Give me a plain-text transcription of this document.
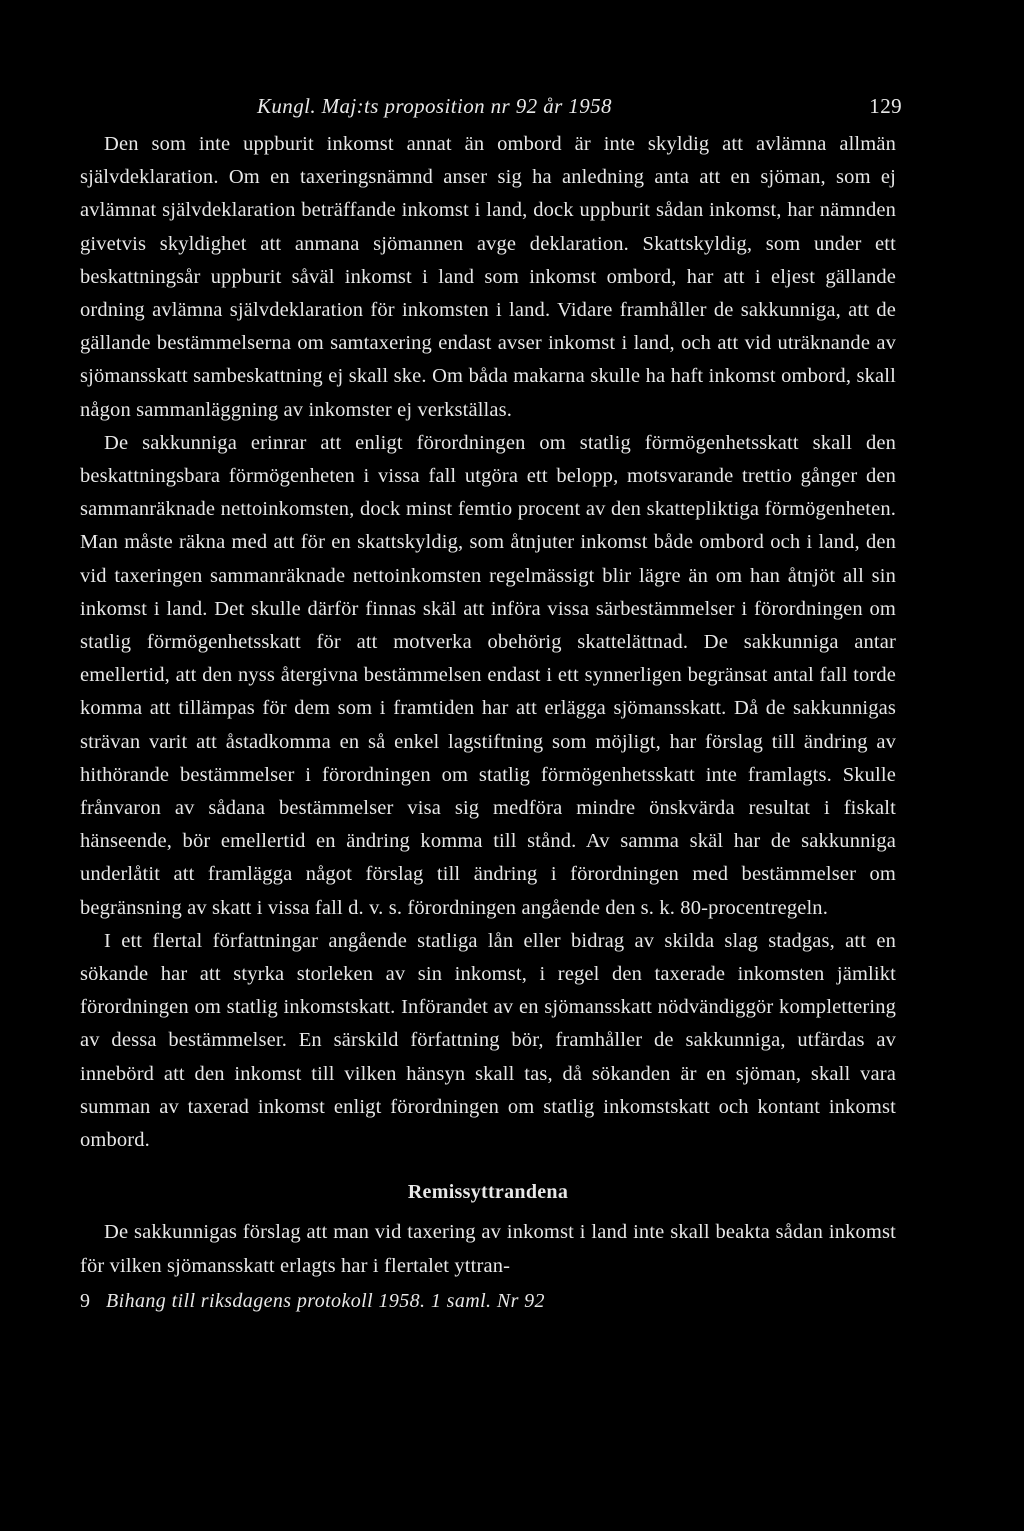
Kungl. Maj:ts proposition nr 92 år 1958	129

Den som inte uppburit inkomst annat än ombord är inte skyldig att avlämna allmän självdeklaration. Om en taxeringsnämnd anser sig ha anledning anta att en sjöman, som ej avlämnat självdeklaration beträffande inkomst i land, dock uppburit sådan inkomst, har nämnden givetvis skyldighet att anmana sjömannen avge deklaration. Skattskyldig, som under ett beskattningsår uppburit såväl inkomst i land som inkomst ombord, har att i eljest gällande ordning avlämna självdeklaration för inkomsten i land. Vidare framhåller de sakkunniga, att de gällande bestämmelserna om samtaxering endast avser inkomst i land, och att vid uträknande av sjömansskatt sambeskattning ej skall ske. Om båda makarna skulle ha haft inkomst ombord, skall någon sammanläggning av inkomster ej verkställas.

De sakkunniga erinrar att enligt förordningen om statlig förmögenhetsskatt skall den beskattningsbara förmögenheten i vissa fall utgöra ett belopp, motsvarande trettio gånger den sammanräknade nettoinkomsten, dock minst femtio procent av den skattepliktiga förmögenheten. Man måste räkna med att för en skattskyldig, som åtnjuter inkomst både ombord och i land, den vid taxeringen sammanräknade nettoinkomsten regelmässigt blir lägre än om han åtnjöt all sin inkomst i land. Det skulle därför finnas skäl att införa vissa särbestämmelser i förordningen om statlig förmögenhetsskatt för att motverka obehörig skattelättnad. De sakkunniga antar emellertid, att den nyss återgivna bestämmelsen endast i ett synnerligen begränsat antal fall torde komma att tillämpas för dem som i framtiden har att erlägga sjömansskatt. Då de sakkunnigas strävan varit att åstadkomma en så enkel lagstiftning som möjligt, har förslag till ändring av hithörande bestämmelser i förordningen om statlig förmögenhetsskatt inte framlagts. Skulle frånvaron av sådana bestämmelser visa sig medföra mindre önskvärda resultat i fiskalt hänseende, bör emellertid en ändring komma till stånd. Av samma skäl har de sakkunniga underlåtit att framlägga något förslag till ändring i förordningen med bestämmelser om begränsning av skatt i vissa fall d. v. s. förordningen angående den s. k. 80-procentregeln.

I ett flertal författningar angående statliga lån eller bidrag av skilda slag stadgas, att en sökande har att styrka storleken av sin inkomst, i regel den taxerade inkomsten jämlikt förordningen om statlig inkomstskatt. Införandet av en sjömansskatt nödvändiggör komplettering av dessa bestämmelser. En särskild författning bör, framhåller de sakkunniga, utfärdas av innebörd att den inkomst till vilken hänsyn skall tas, då sökanden är en sjöman, skall vara summan av taxerad inkomst enligt förordningen om statlig inkomstskatt och kontant inkomst ombord.

Remissyttrandena

De sakkunnigas förslag att man vid taxering av inkomst i land inte skall beakta sådan inkomst för vilken sjömansskatt erlagts har i flertalet yttran-

9 Bihang till riksdagens protokoll 1958. 1 saml. Nr 92
